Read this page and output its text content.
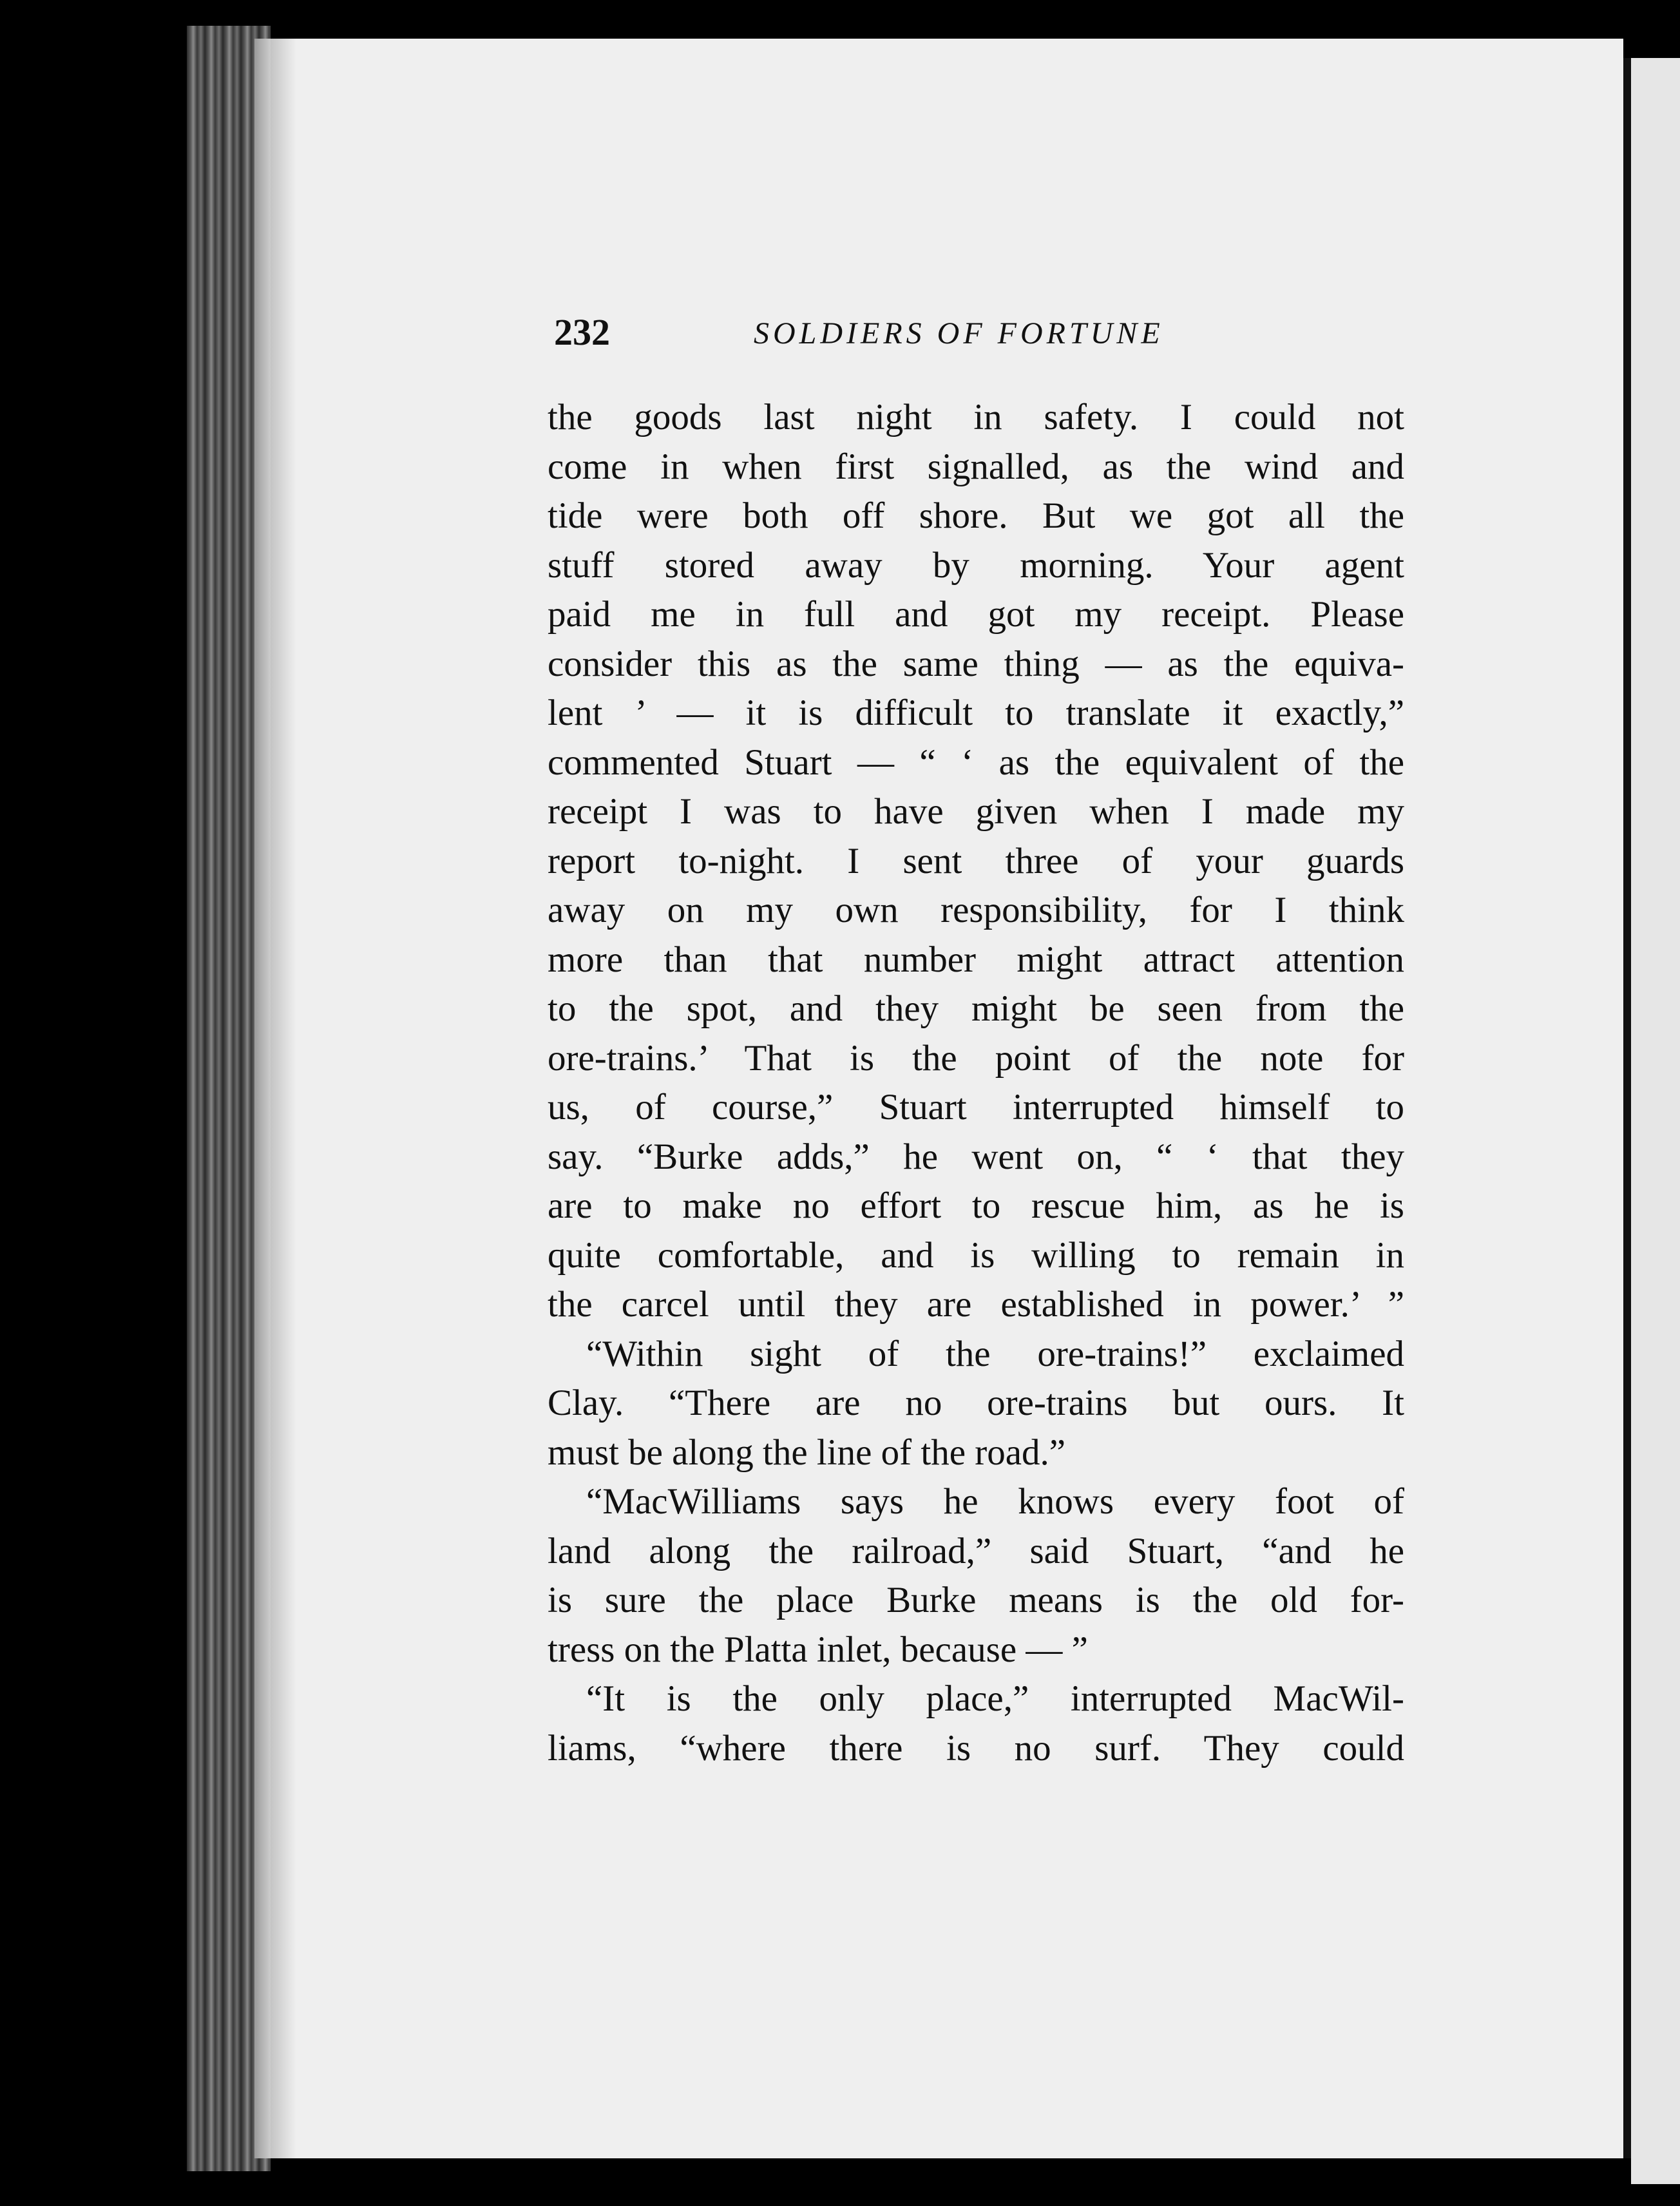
232	SOLDIERS OF FORTUNE
the goods last night in safety. I could not
come in when first signalled, as the wind and
tide were both off shore. But we got all the
stuff stored away by morning. Your agent
paid me in full and got my receipt. Please
consider this as the same thing — as the equiva-
lent ’ — it is difficult to translate it exactly,”
commented Stuart — “ ‘ as the equivalent of the
receipt I was to have given when I made my
report to-night. I sent three of your guards
away on my own responsibility, for I think
more than that number might attract attention
to the spot, and they might be seen from the
ore-trains.’ That is the point of the note for
us, of course,” Stuart interrupted himself to
say. “Burke adds,” he went on, “ ‘ that they
are to make no effort to rescue him, as he is
quite comfortable, and is willing to remain in
the carcel until they are established in power.’ ”
“Within sight of the ore-trains!” exclaimed
Clay. “There are no ore-trains but ours. It
must be along the line of the road.”
“MacWilliams says he knows every foot of
land along the railroad,” said Stuart, “and he
is sure the place Burke means is the old for-
tress on the Platta inlet, because — ”
“It is the only place,” interrupted MacWil-
liams, “where there is no surf. They could
